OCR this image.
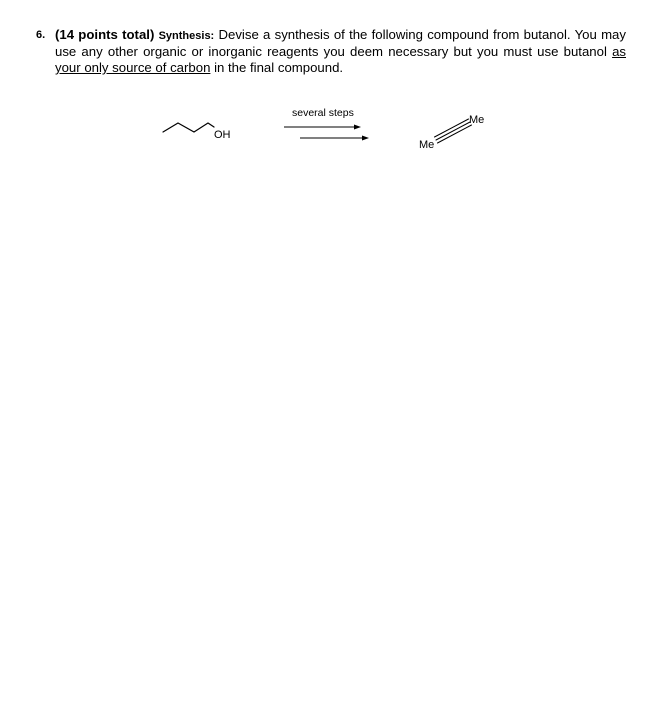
6. (14 points total) Synthesis: Devise a synthesis of the following compound from butanol. You may use any other organic or inorganic reagents you deem necessary but you must use butanol as your only source of carbon in the final compound.
OH
several steps
Me
Me
